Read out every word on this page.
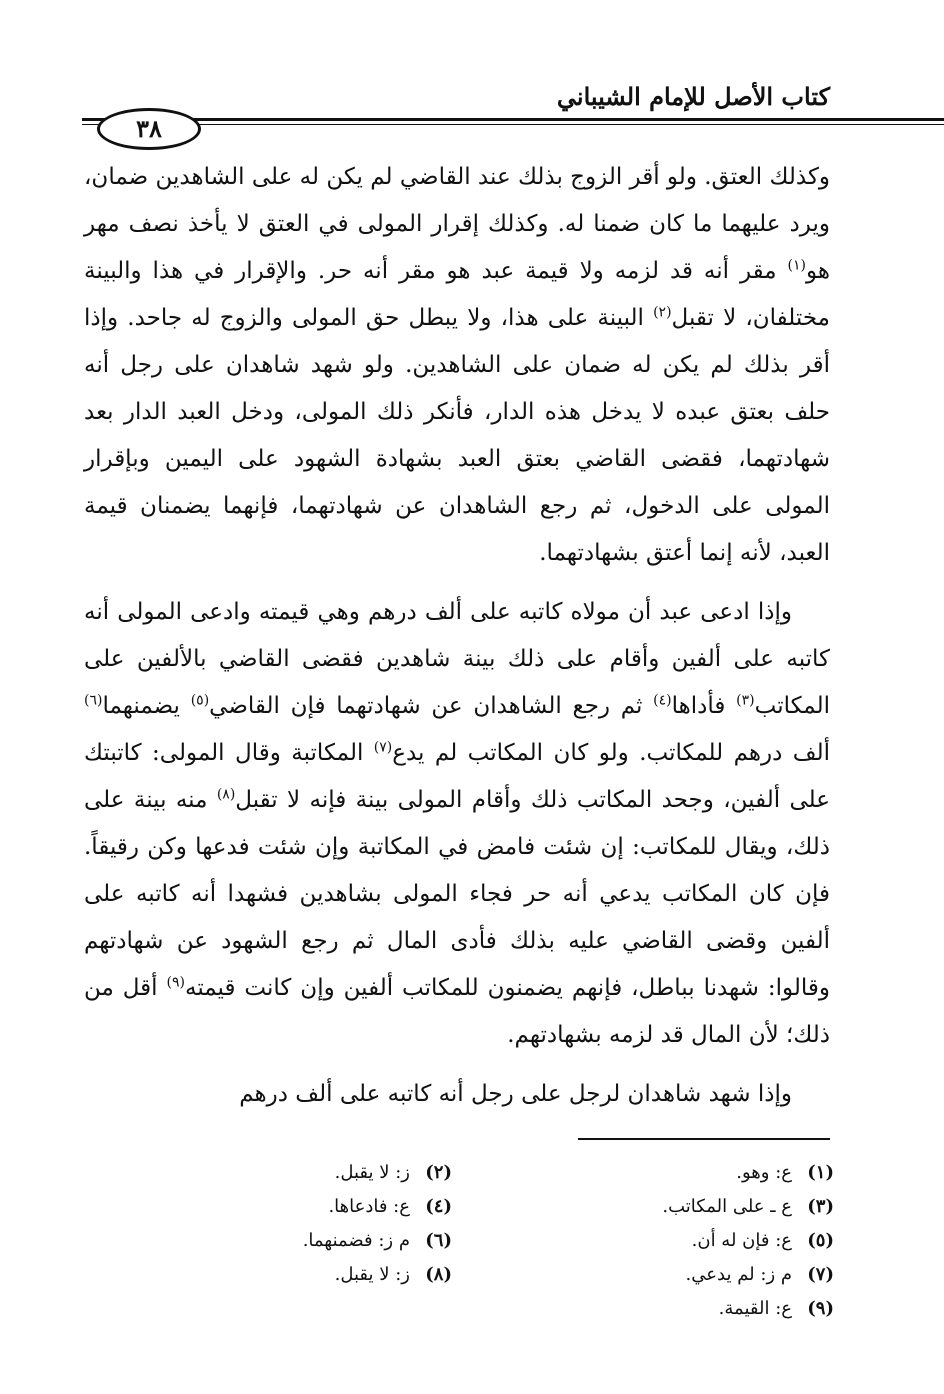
كتاب الأصل للإمام الشيباني
٣٨

وكذلك العتق. ولو أقر الزوج بذلك عند القاضي لم يكن له على الشاهدين ضمان، ويرد عليهما ما كان ضمنا له. وكذلك إقرار المولى في العتق لا يأخذ نصف مهر هو$^{(١)}$ مقر أنه قد لزمه ولا قيمة عبد هو مقر أنه حر. والإقرار في هذا والبينة مختلفان، لا تقبل$^{(٢)}$ البينة على هذا، ولا يبطل حق المولى والزوج له جاحد. وإذا أقر بذلك لم يكن له ضمان على الشاهدين. ولو شهد شاهدان على رجل أنه حلف بعتق عبده لا يدخل هذه الدار، فأنكر ذلك المولى، ودخل العبد الدار بعد شهادتهما، فقضى القاضي بعتق العبد بشهادة الشهود على اليمين وبإقرار المولى على الدخول، ثم رجع الشاهدان عن شهادتهما، فإنهما يضمنان قيمة العبد، لأنه إنما أعتق بشهادتهما.

وإذا ادعى عبد أن مولاه كاتبه على ألف درهم وهي قيمته وادعى المولى أنه كاتبه على ألفين وأقام على ذلك بينة شاهدين فقضى القاضي بالألفين على المكاتب$^{(٣)}$ فأداها$^{(٤)}$ ثم رجع الشاهدان عن شهادتهما فإن القاضي$^{(٥)}$ يضمنهما$^{(٦)}$ ألف درهم للمكاتب. ولو كان المكاتب لم يدع$^{(٧)}$ المكاتبة وقال المولى: كاتبتك على ألفين، وجحد المكاتب ذلك وأقام المولى بينة فإنه لا تقبل$^{(٨)}$ منه بينة على ذلك، ويقال للمكاتب: إن شئت فامض في المكاتبة وإن شئت فدعها وكن رقيقاً. فإن كان المكاتب يدعي أنه حر فجاء المولى بشاهدين فشهدا أنه كاتبه على ألفين وقضى القاضي عليه بذلك فأدى المال ثم رجع الشهود عن شهادتهم وقالوا: شهدنا بباطل، فإنهم يضمنون للمكاتب ألفين وإن كانت قيمته$^{(٩)}$ أقل من ذلك؛ لأن المال قد لزمه بشهادتهم.

وإذا شهد شاهدان لرجل على رجل أنه كاتبه على ألف درهم

(١)ع: وهو.
(٣)ع ـ على المكاتب.
(٥)ع: فإن له أن.
(٧)م ز: لم يدعي.
(٩)ع: القيمة.
(٢)ز: لا يقبل.
(٤)ع: فادعاها.
(٦)م ز: فضمنهما.
(٨)ز: لا يقبل.
